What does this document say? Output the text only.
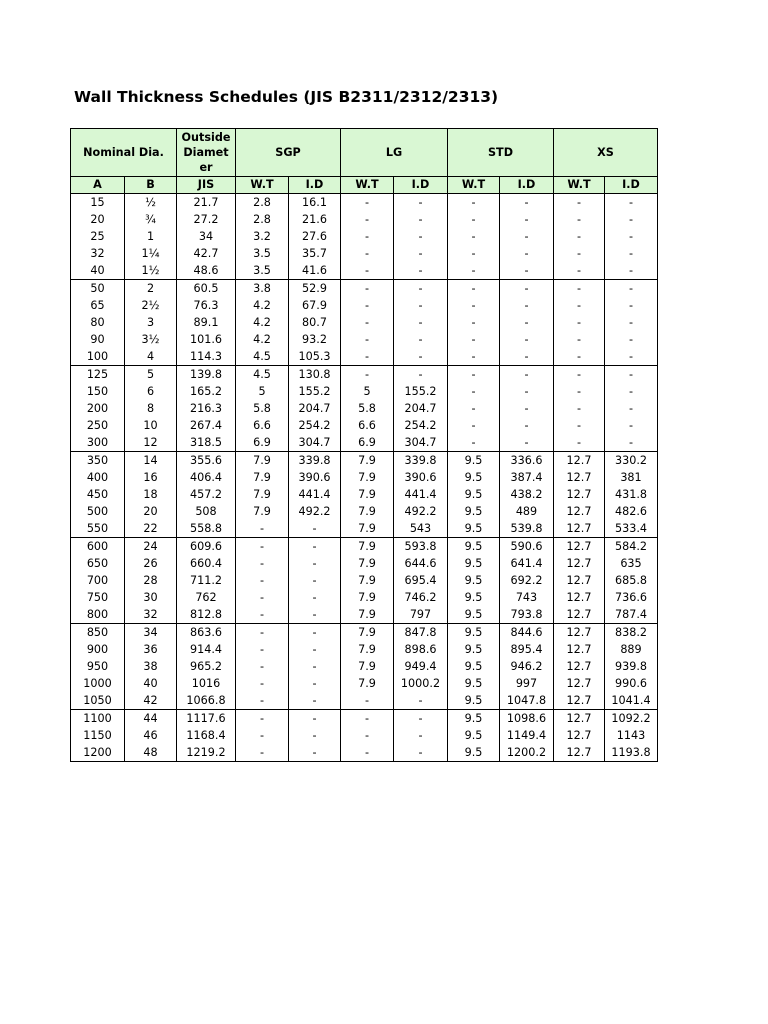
Wall Thickness Schedules (JIS B2311/2312/2313)
Nominal Dia.		Outside Diamet er	SGP		LG		STD		XS	
A	B	JIS	W.T	I.D	W.T	I.D	W.T	I.D	W.T	I.D
15	½	21.7	2.8	16.1	-	-	-	-	-	-
20	¾	27.2	2.8	21.6	-	-	-	-	-	-
25	1	34	3.2	27.6	-	-	-	-	-	-
32	1¼	42.7	3.5	35.7	-	-	-	-	-	-
40	1½	48.6	3.5	41.6	-	-	-	-	-	-
50	2	60.5	3.8	52.9	-	-	-	-	-	-
65	2½	76.3	4.2	67.9	-	-	-	-	-	-
80	3	89.1	4.2	80.7	-	-	-	-	-	-
90	3½	101.6	4.2	93.2	-	-	-	-	-	-
100	4	114.3	4.5	105.3	-	-	-	-	-	-
125	5	139.8	4.5	130.8	-	-	-	-	-	-
150	6	165.2	5	155.2	5	155.2	-	-	-	-
200	8	216.3	5.8	204.7	5.8	204.7	-	-	-	-
250	10	267.4	6.6	254.2	6.6	254.2	-	-	-	-
300	12	318.5	6.9	304.7	6.9	304.7	-	-	-	-
350	14	355.6	7.9	339.8	7.9	339.8	9.5	336.6	12.7	330.2
400	16	406.4	7.9	390.6	7.9	390.6	9.5	387.4	12.7	381
450	18	457.2	7.9	441.4	7.9	441.4	9.5	438.2	12.7	431.8
500	20	508	7.9	492.2	7.9	492.2	9.5	489	12.7	482.6
550	22	558.8	-	-	7.9	543	9.5	539.8	12.7	533.4
600	24	609.6	-	-	7.9	593.8	9.5	590.6	12.7	584.2
650	26	660.4	-	-	7.9	644.6	9.5	641.4	12.7	635
700	28	711.2	-	-	7.9	695.4	9.5	692.2	12.7	685.8
750	30	762	-	-	7.9	746.2	9.5	743	12.7	736.6
800	32	812.8	-	-	7.9	797	9.5	793.8	12.7	787.4
850	34	863.6	-	-	7.9	847.8	9.5	844.6	12.7	838.2
900	36	914.4	-	-	7.9	898.6	9.5	895.4	12.7	889
950	38	965.2	-	-	7.9	949.4	9.5	946.2	12.7	939.8
1000	40	1016	-	-	7.9	1000.2	9.5	997	12.7	990.6
1050	42	1066.8	-	-	-	-	9.5	1047.8	12.7	1041.4
1100	44	1117.6	-	-	-	-	9.5	1098.6	12.7	1092.2
1150	46	1168.4	-	-	-	-	9.5	1149.4	12.7	1143
1200	48	1219.2	-	-	-	-	9.5	1200.2	12.7	1193.8
